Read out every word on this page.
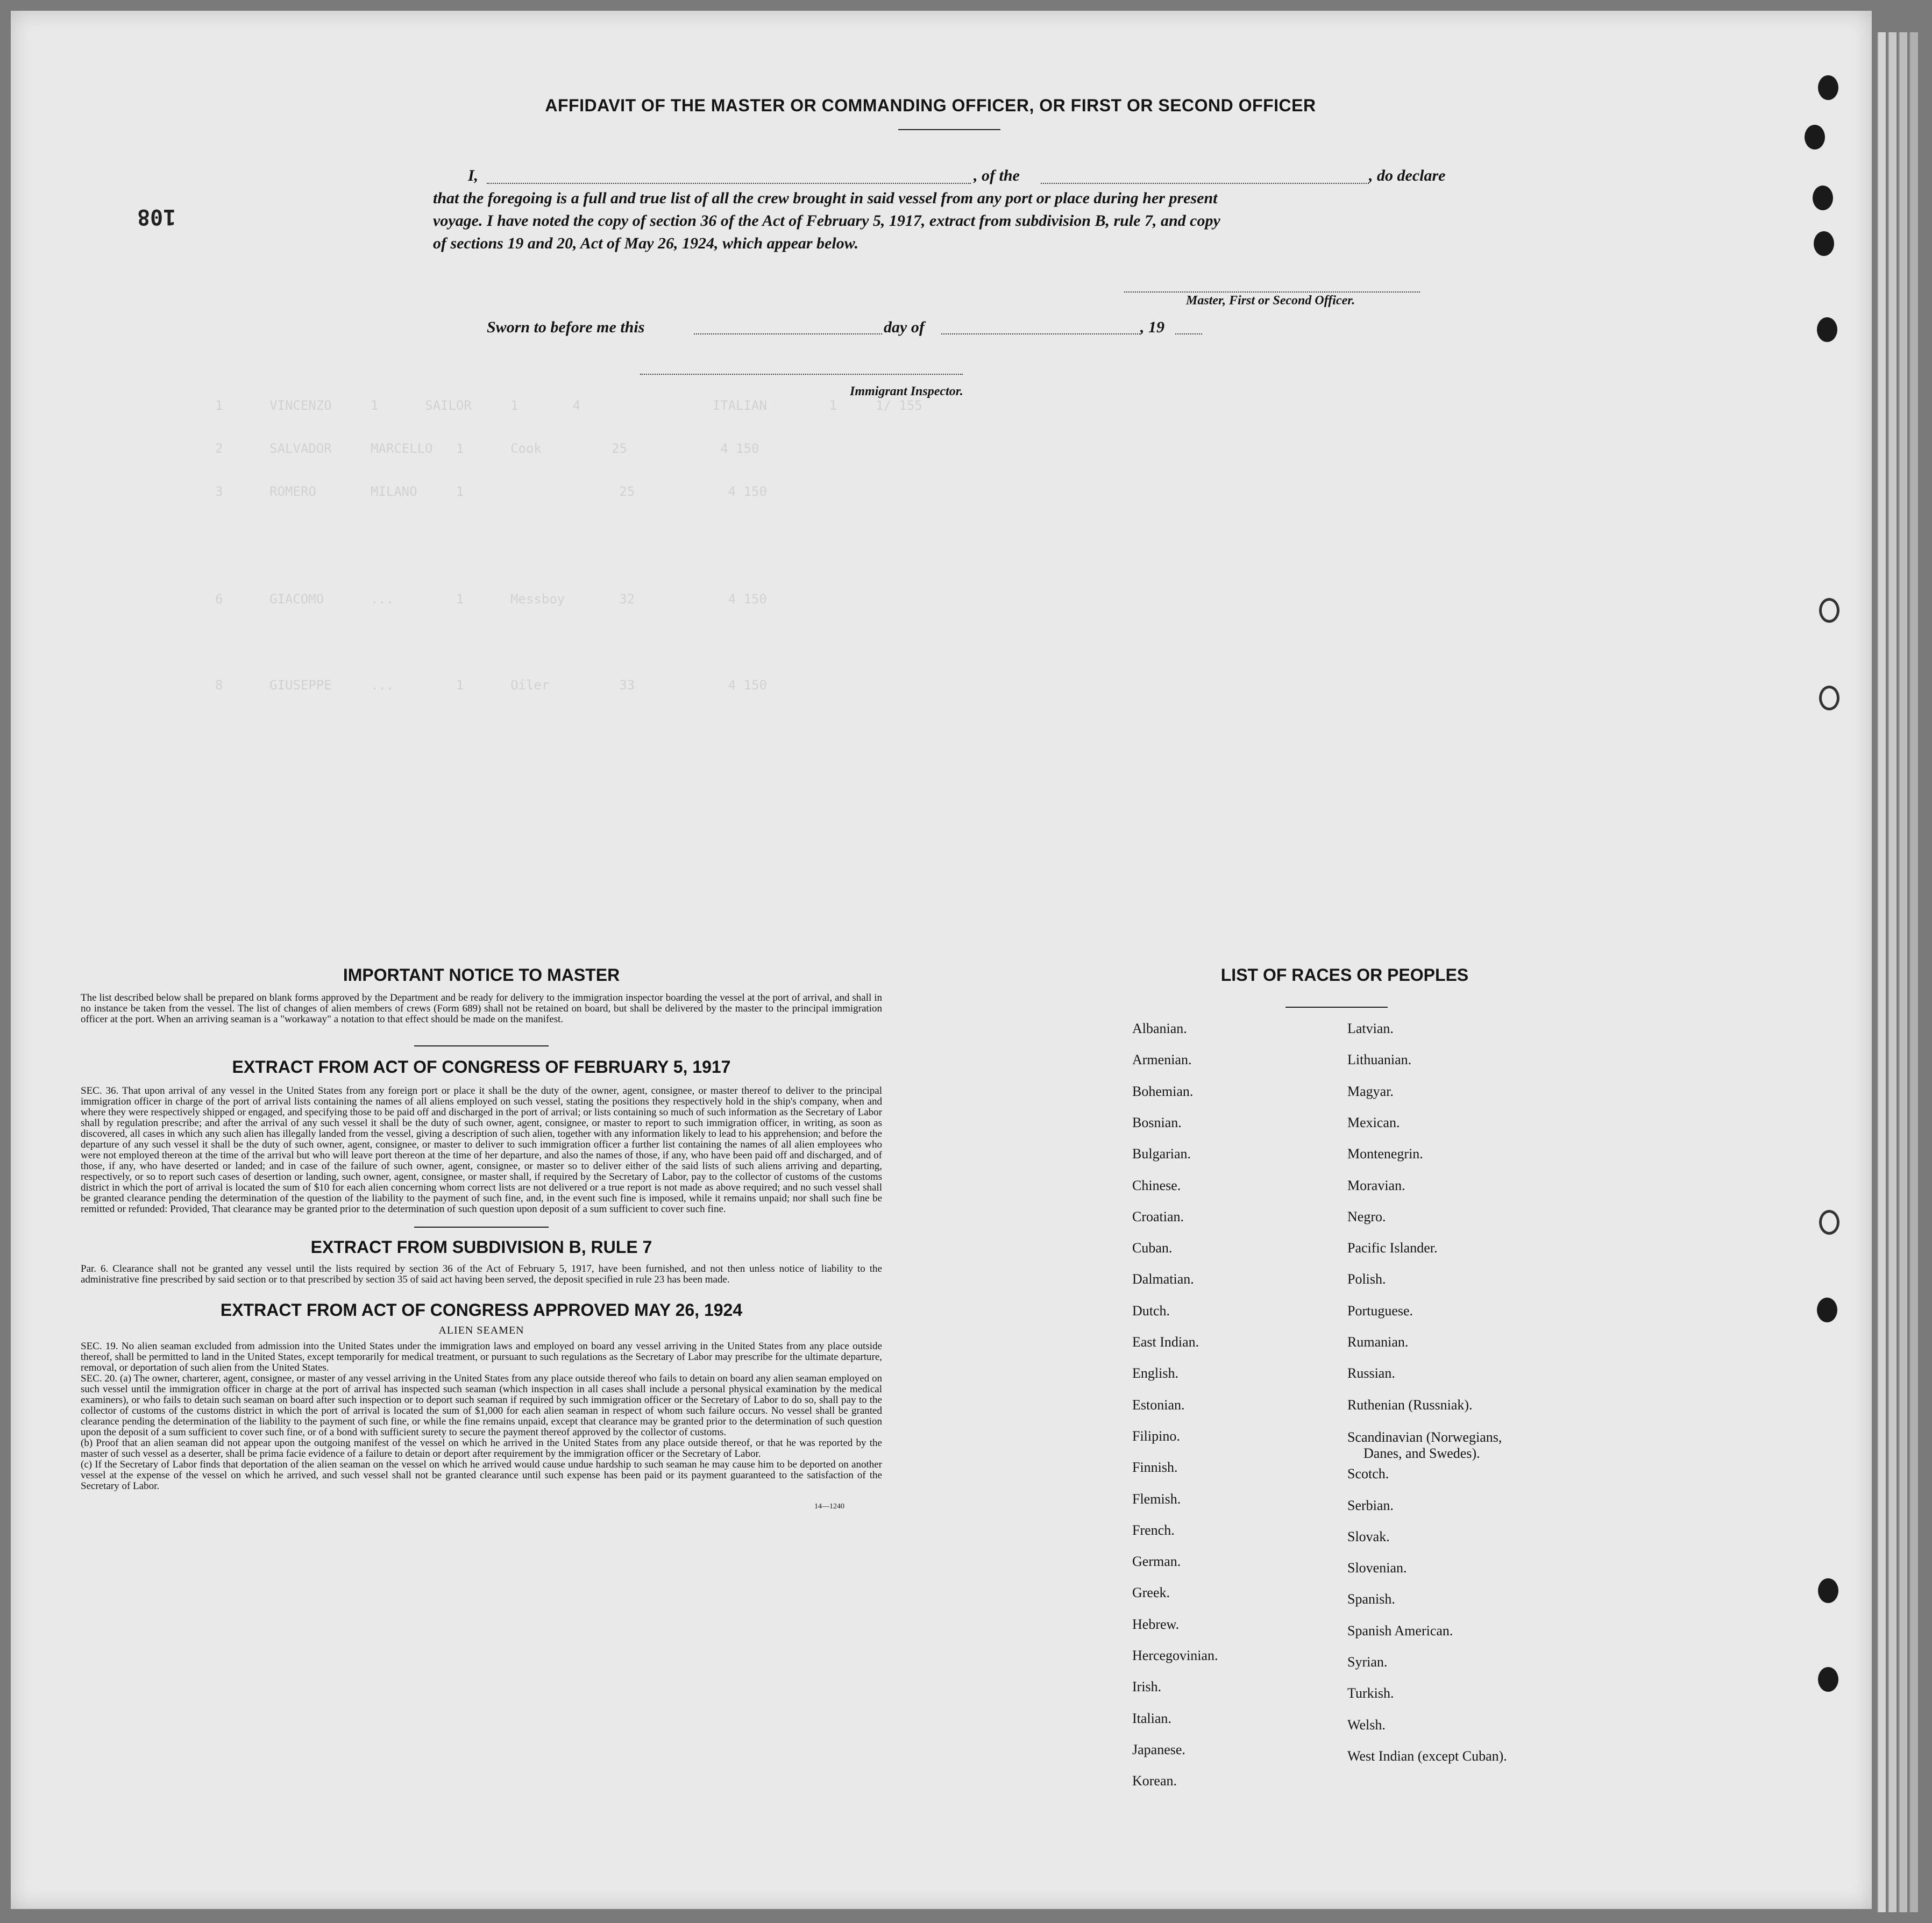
1      VINCENZO     1      SAILOR     1       4                 ITALIAN        1     1/ 155
2      SALVADOR     MARCELLO   1      Cook         25            4 150
3      ROMERO       MILANO     1                    25            4 150
6      GIACOMO      ...        1      Messboy       32            4 150
8      GIUSEPPE     ...        1      Oiler         33            4 150
108
AFFIDAVIT OF THE MASTER OR COMMANDING OFFICER, OR FIRST OR SECOND OFFICER
I,	, of the	, do declare
that the foregoing is a full and true list of all the crew brought in said vessel from any port or place during her present
voyage. I have noted the copy of section 36 of the Act of February 5, 1917, extract from subdivision B, rule 7, and copy
of sections 19 and 20, Act of May 26, 1924, which appear below.
Master, First or Second Officer.
Sworn to before me this	day of	, 19
Immigrant Inspector.
IMPORTANT NOTICE TO MASTER
The list described below shall be prepared on blank forms approved by the Department and be ready for delivery to the immigration inspector boarding the vessel at the port of arrival, and shall in no instance be taken from the vessel. The list of changes of alien members of crews (Form 689) shall not be retained on board, but shall be delivered by the master to the principal immigration officer at the port. When an arriving seaman is a "workaway" a notation to that effect should be made on the manifest.
EXTRACT FROM ACT OF CONGRESS OF FEBRUARY 5, 1917
SEC. 36. That upon arrival of any vessel in the United States from any foreign port or place it shall be the duty of the owner, agent, consignee, or master thereof to deliver to the principal immigration officer in charge of the port of arrival lists containing the names of all aliens employed on such vessel, stating the positions they respectively hold in the ship's company, when and where they were respectively shipped or engaged, and specifying those to be paid off and discharged in the port of arrival; or lists containing so much of such information as the Secretary of Labor shall by regulation prescribe; and after the arrival of any such vessel it shall be the duty of such owner, agent, consignee, or master to report to such immigration officer, in writing, as soon as discovered, all cases in which any such alien has illegally landed from the vessel, giving a description of such alien, together with any information likely to lead to his apprehension; and before the departure of any such vessel it shall be the duty of such owner, agent, consignee, or master to deliver to such immigration officer a further list containing the names of all alien employees who were not employed thereon at the time of the arrival but who will leave port thereon at the time of her departure, and also the names of those, if any, who have been paid off and discharged, and of those, if any, who have deserted or landed; and in case of the failure of such owner, agent, consignee, or master so to deliver either of the said lists of such aliens arriving and departing, respectively, or so to report such cases of desertion or landing, such owner, agent, consignee, or master shall, if required by the Secretary of Labor, pay to the collector of customs of the customs district in which the port of arrival is located the sum of $10 for each alien concerning whom correct lists are not delivered or a true report is not made as above required; and no such vessel shall be granted clearance pending the determination of the question of the liability to the payment of such fine, and, in the event such fine is imposed, while it remains unpaid; nor shall such fine be remitted or refunded: Provided, That clearance may be granted prior to the determination of such question upon deposit of a sum sufficient to cover such fine.
EXTRACT FROM SUBDIVISION B, RULE 7
Par. 6. Clearance shall not be granted any vessel until the lists required by section 36 of the Act of February 5, 1917, have been furnished, and not then unless notice of liability to the administrative fine prescribed by said section or to that prescribed by section 35 of said act having been served, the deposit specified in rule 23 has been made.
EXTRACT FROM ACT OF CONGRESS APPROVED MAY 26, 1924
ALIEN SEAMEN
SEC. 19. No alien seaman excluded from admission into the United States under the immigration laws and employed on board any vessel arriving in the United States from any place outside thereof, shall be permitted to land in the United States, except temporarily for medical treatment, or pursuant to such regulations as the Secretary of Labor may prescribe for the ultimate departure, removal, or deportation of such alien from the United States.
SEC. 20. (a) The owner, charterer, agent, consignee, or master of any vessel arriving in the United States from any place outside thereof who fails to detain on board any alien seaman employed on such vessel until the immigration officer in charge at the port of arrival has inspected such seaman (which inspection in all cases shall include a personal physical examination by the medical examiners), or who fails to detain such seaman on board after such inspection or to deport such seaman if required by such immigration officer or the Secretary of Labor to do so, shall pay to the collector of customs of the customs district in which the port of arrival is located the sum of $1,000 for each alien seaman in respect of whom such failure occurs. No vessel shall be granted clearance pending the determination of the liability to the payment of such fine, or while the fine remains unpaid, except that clearance may be granted prior to the determination of such question upon the deposit of a sum sufficient to cover such fine, or of a bond with sufficient surety to secure the payment thereof approved by the collector of customs.
(b) Proof that an alien seaman did not appear upon the outgoing manifest of the vessel on which he arrived in the United States from any place outside thereof, or that he was reported by the master of such vessel as a deserter, shall be prima facie evidence of a failure to detain or deport after requirement by the immigration officer or the Secretary of Labor.
(c) If the Secretary of Labor finds that deportation of the alien seaman on the vessel on which he arrived would cause undue hardship to such seaman he may cause him to be deported on another vessel at the expense of the vessel on which he arrived, and such vessel shall not be granted clearance until such expense has been paid or its payment guaranteed to the satisfaction of the Secretary of Labor.
14—1240
LIST OF RACES OR PEOPLES
Albanian.
Armenian.
Bohemian.
Bosnian.
Bulgarian.
Chinese.
Croatian.
Cuban.
Dalmatian.
Dutch.
East Indian.
English.
Estonian.
Filipino.
Finnish.
Flemish.
French.
German.
Greek.
Hebrew.
Hercegovinian.
Irish.
Italian.
Japanese.
Korean.
Latvian.
Lithuanian.
Magyar.
Mexican.
Montenegrin.
Moravian.
Negro.
Pacific Islander.
Polish.
Portuguese.
Rumanian.
Russian.
Ruthenian (Russniak).
Scandinavian (Norwegians,
Danes, and Swedes).
Scotch.
Serbian.
Slovak.
Slovenian.
Spanish.
Spanish American.
Syrian.
Turkish.
Welsh.
West Indian (except Cuban).
